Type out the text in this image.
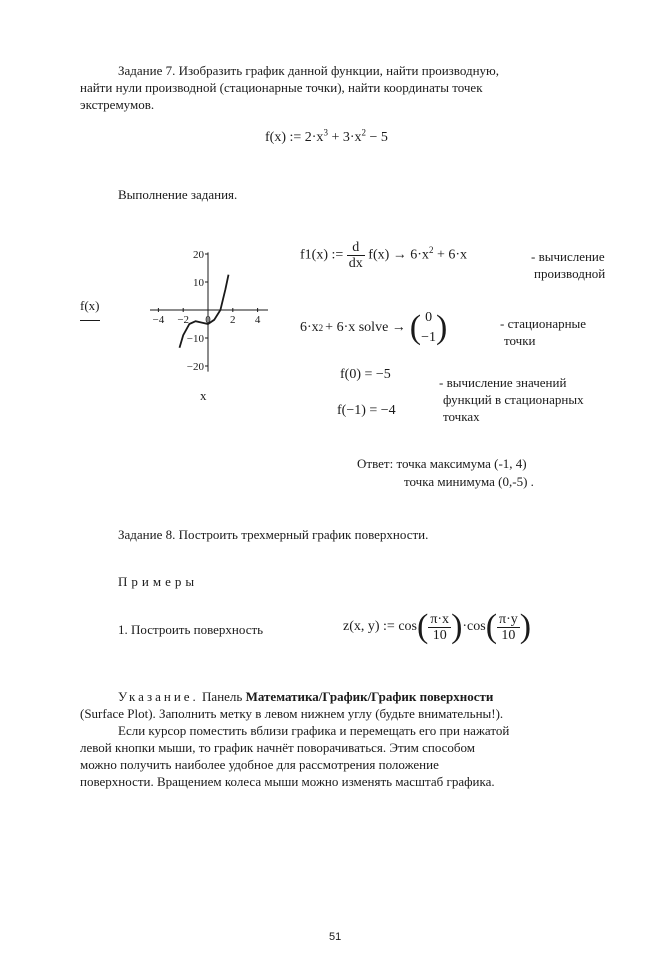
Задание 7. Изобразить график данной функции, найти производную,
найти нули производной (стационарные точки), найти координаты точек
экстремумов.
f(x) := $2\cdot x^3 + 3\cdot x^2 - 5$
Выполнение задания.
f(x)
20
10
−10
−20
−4 −2 0 2 4
x
f1(x) := $\frac{d}{dx} f(x) \to 6\cdot x^2 + 6\cdot x$	- вычисление
производной
6·x 2 + 6·x solve → ( 0
−1 )	- стационарные
точки
f(0) = −5
f(−1) = −4
- вычисление значений
функций в стационарных
точках
Ответ: точка максимума (-1, 4)
точка минимума (0,-5) .
Задание 8. Построить трехмерный график поверхности.
Примеры
1. Построить поверхность	z(x, y) := cos ( $\frac{\pi\cdot x}{10}$ ) ·cos ( $\frac{\pi\cdot y}{10}$ )
Указание. Панель Математика/График/График поверхности
(Surface Plot). Заполнить метку в левом нижнем углу (будьте внимательны!).
Если курсор поместить вблизи графика и перемещать его при нажатой
левой кнопки мыши, то график начнёт поворачиваться. Этим способом
можно получить наиболее удобное для рассмотрения положение
поверхности. Вращением колеса мыши можно изменять масштаб графика.
51
